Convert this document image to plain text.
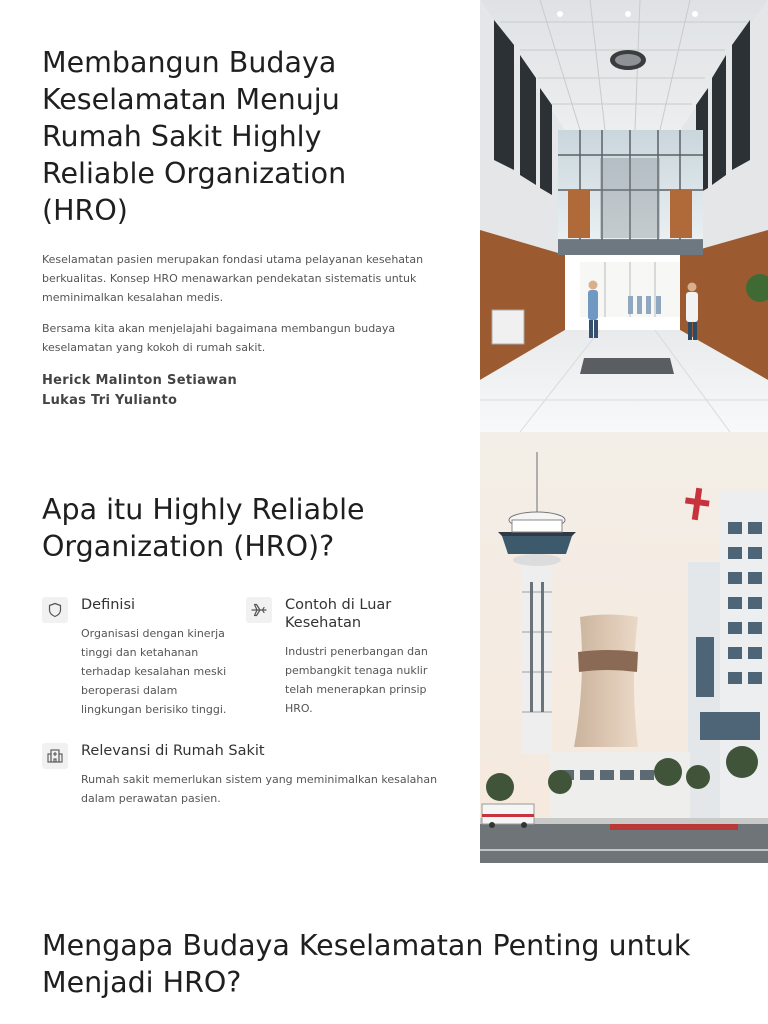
Membangun Budaya Keselamatan Menuju Rumah Sakit Highly Reliable Organization (HRO)

Keselamatan pasien merupakan fondasi utama pelayanan kesehatan berkualitas. Konsep HRO menawarkan pendekatan sistematis untuk meminimalkan kesalahan medis.

Bersama kita akan menjelajahi bagaimana membangun budaya keselamatan yang kokoh di rumah sakit.

Herick Malinton Setiawan
Lukas Tri Yulianto
Apa itu Highly Reliable Organization (HRO)?
Definisi
Organisasi dengan kinerja tinggi dan ketahanan terhadap kesalahan meski beroperasi dalam lingkungan berisiko tinggi.
Contoh di Luar Kesehatan
Industri penerbangan dan pembangkit tenaga nuklir telah menerapkan prinsip HRO.
Relevansi di Rumah Sakit
Rumah sakit memerlukan sistem yang meminimalkan kesalahan dalam perawatan pasien.
Mengapa Budaya Keselamatan Penting untuk Menjadi HRO?
